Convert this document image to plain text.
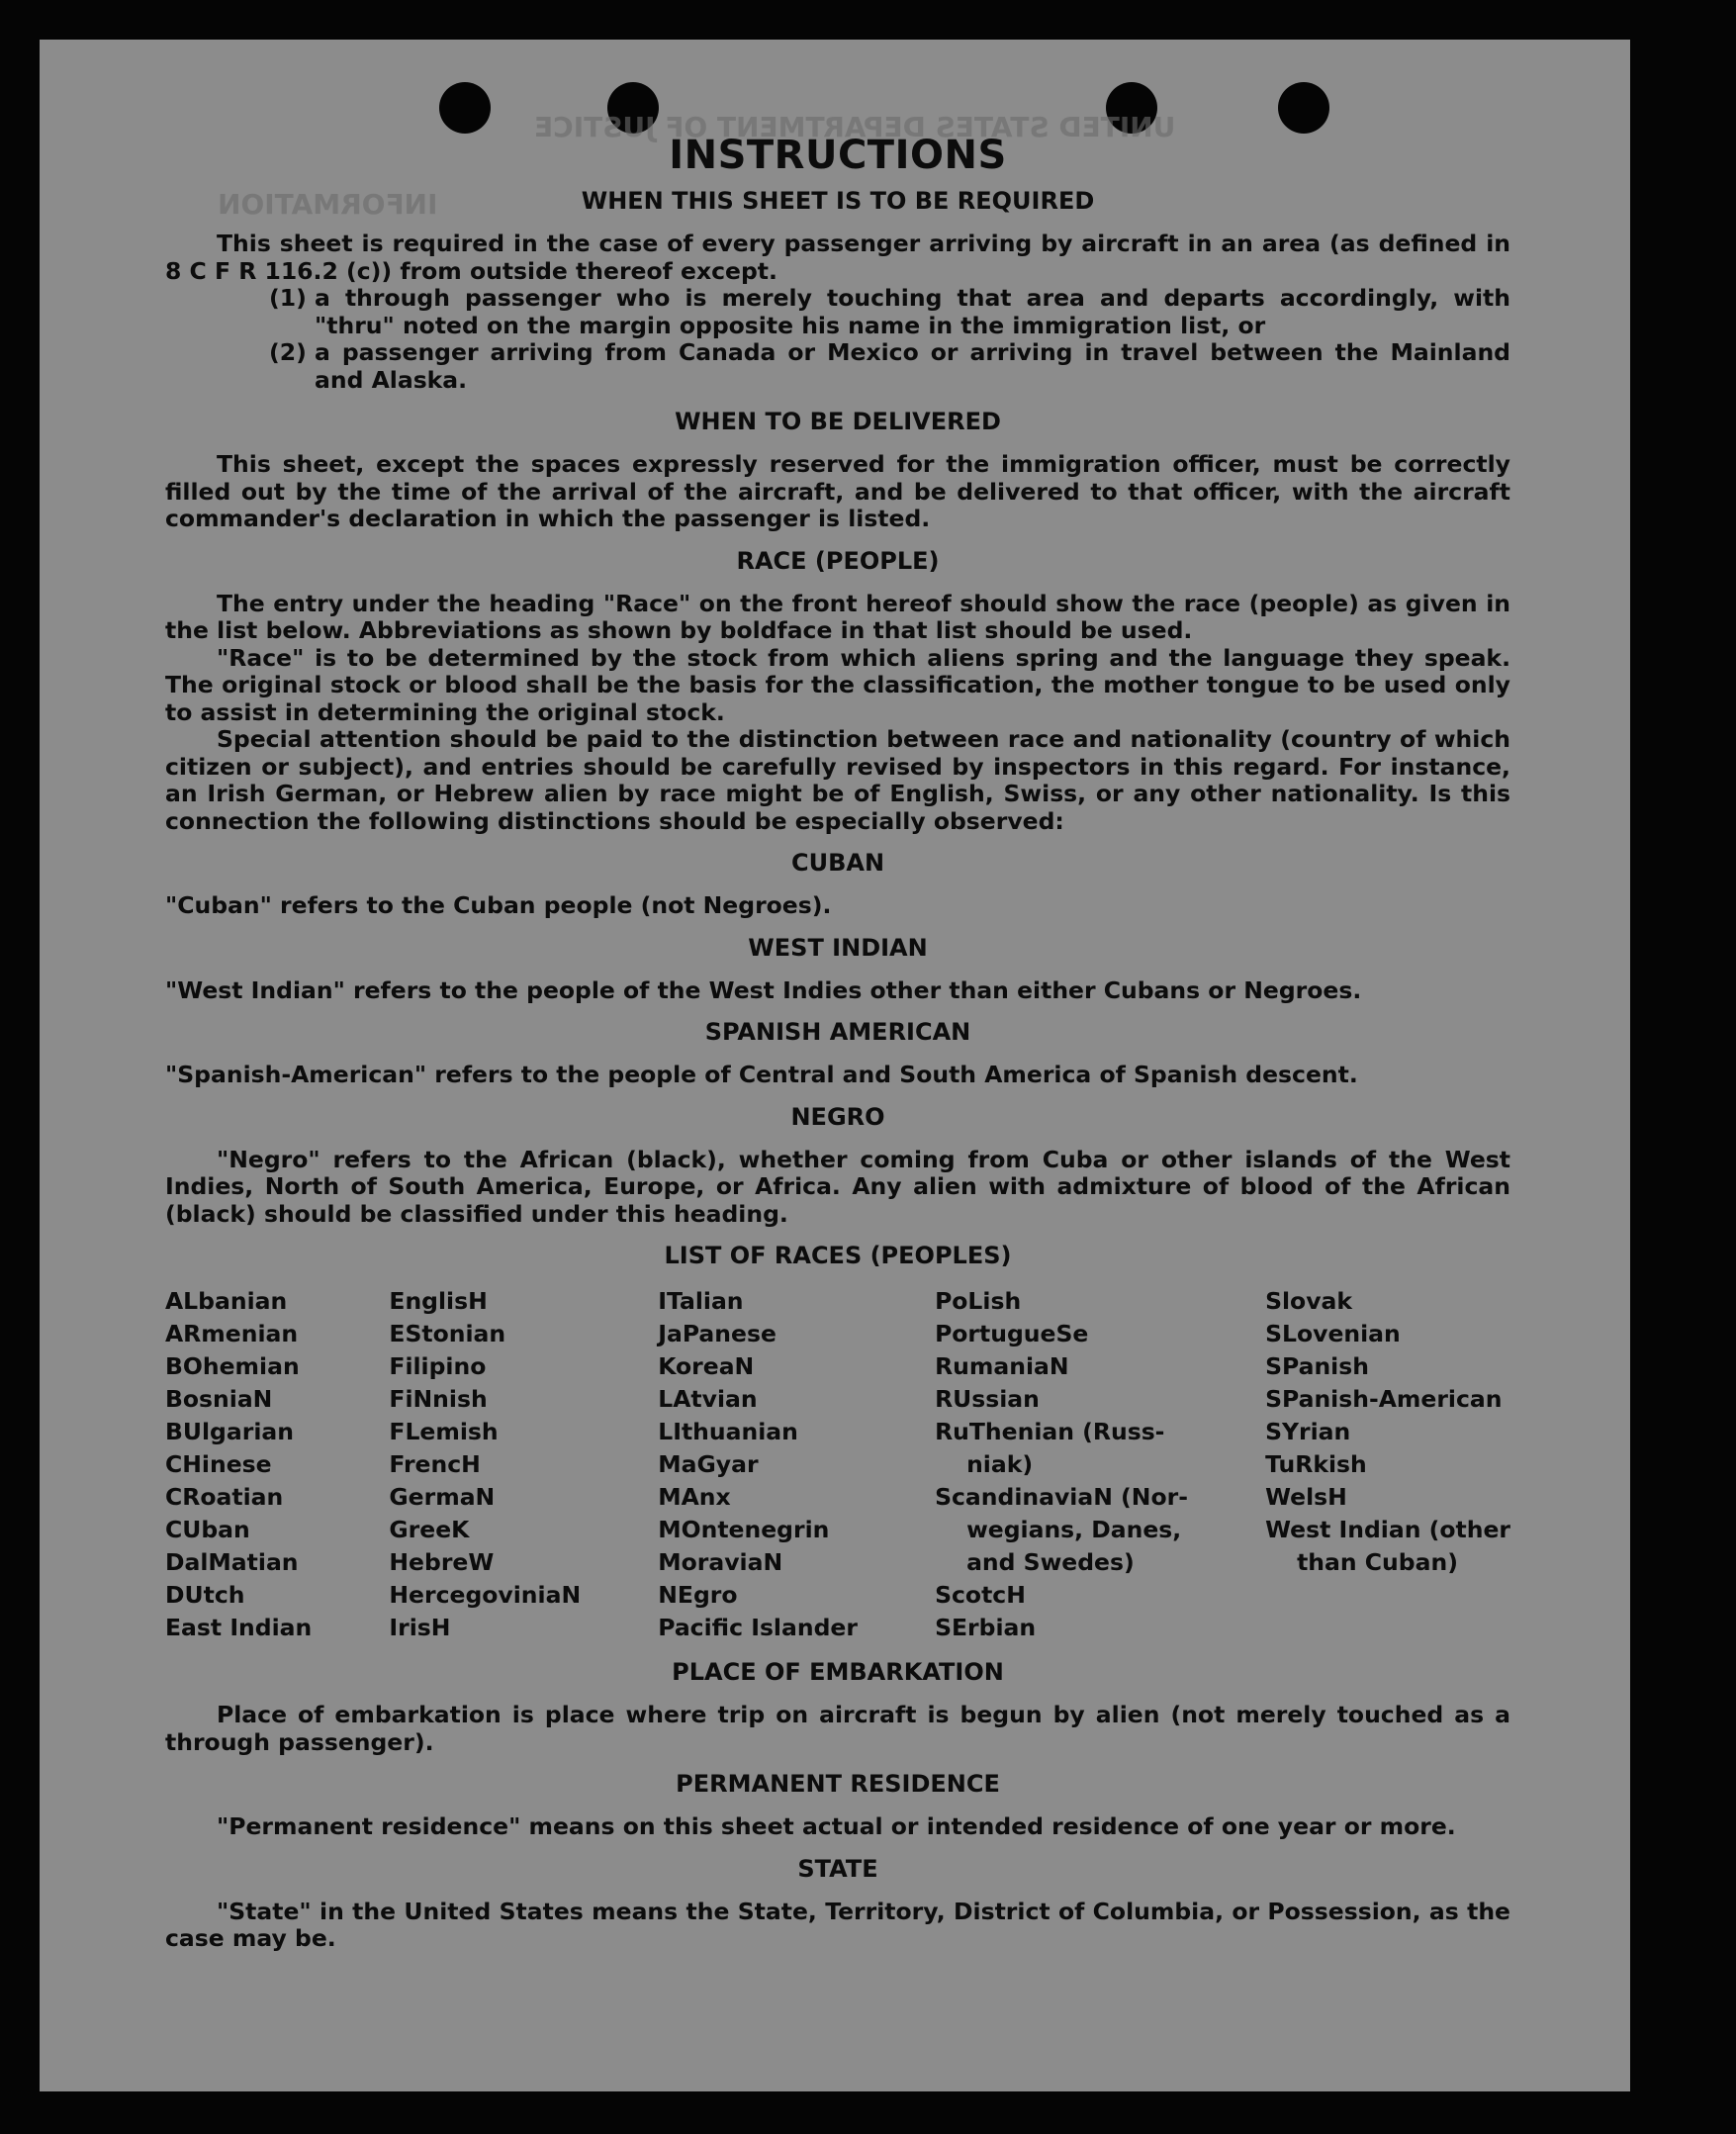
UNITED STATES DEPARTMENT OF JUSTICE
INFORMATION
INSTRUCTIONS
WHEN THIS SHEET IS TO BE REQUIRED

This sheet is required in the case of every passenger arriving by aircraft in an area (as defined in 8 C F R 116.2 (c)) from outside thereof except.

(1) a through passenger who is merely touching that area and departs accordingly, with "thru" noted on the margin opposite his name in the immigration list, or
(2) a passenger arriving from Canada or Mexico or arriving in travel between the Mainland and Alaska.
WHEN TO BE DELIVERED

This sheet, except the spaces expressly reserved for the immigration officer, must be correctly filled out by the time of the arrival of the aircraft, and be delivered to that officer, with the aircraft commander's declaration in which the passenger is listed.

RACE (PEOPLE)

The entry under the heading "Race" on the front hereof should show the race (people) as given in the list below. Abbreviations as shown by boldface in that list should be used.

"Race" is to be determined by the stock from which aliens spring and the language they speak. The original stock or blood shall be the basis for the classification, the mother tongue to be used only to assist in determining the original stock.

Special attention should be paid to the distinction between race and nationality (country of which citizen or subject), and entries should be carefully revised by inspectors in this regard. For instance, an Irish German, or Hebrew alien by race might be of English, Swiss, or any other nationality. Is this connection the following distinctions should be especially observed:

CUBAN

"Cuban" refers to the Cuban people (not Negroes).

WEST INDIAN

"West Indian" refers to the people of the West Indies other than either Cubans or Negroes.

SPANISH AMERICAN

"Spanish-American" refers to the people of Central and South America of Spanish descent.

NEGRO

"Negro" refers to the African (black), whether coming from Cuba or other islands of the West Indies, North of South America, Europe, or Africa. Any alien with admixture of blood of the African (black) should be classified under this heading.

LIST OF RACES (PEOPLES)
ALbanian
ARmenian
BOhemian
BosniaN
BUlgarian
CHinese
CRoatian
CUban
DalMatian
DUtch
East Indian
EnglisH
EStonian
Filipino
FiNnish
FLemish
FrencH
GermaN
GreeK
HebreW
HercegoviniaN
IrisH
ITalian
JaPanese
KoreaN
LAtvian
LIthuanian
MaGyar
MAnx
MOntenegrin
MoraviaN
NEgro
Pacific Islander
PoLish
PortugueSe
RumaniaN
RUssian
RuThenian (Russ-
niak)
ScandinaviaN (Nor-
wegians, Danes,
and Swedes)
ScotcH
SErbian
Slovak
SLovenian
SPanish
SPanish-American
SYrian
TuRkish
WelsH
West Indian (other
than Cuban)
PLACE OF EMBARKATION

Place of embarkation is place where trip on aircraft is begun by alien (not merely touched as a through passenger).

PERMANENT RESIDENCE

"Permanent residence" means on this sheet actual or intended residence of one year or more.

STATE

"State" in the United States means the State, Territory, District of Columbia, or Possession, as the case may be.
